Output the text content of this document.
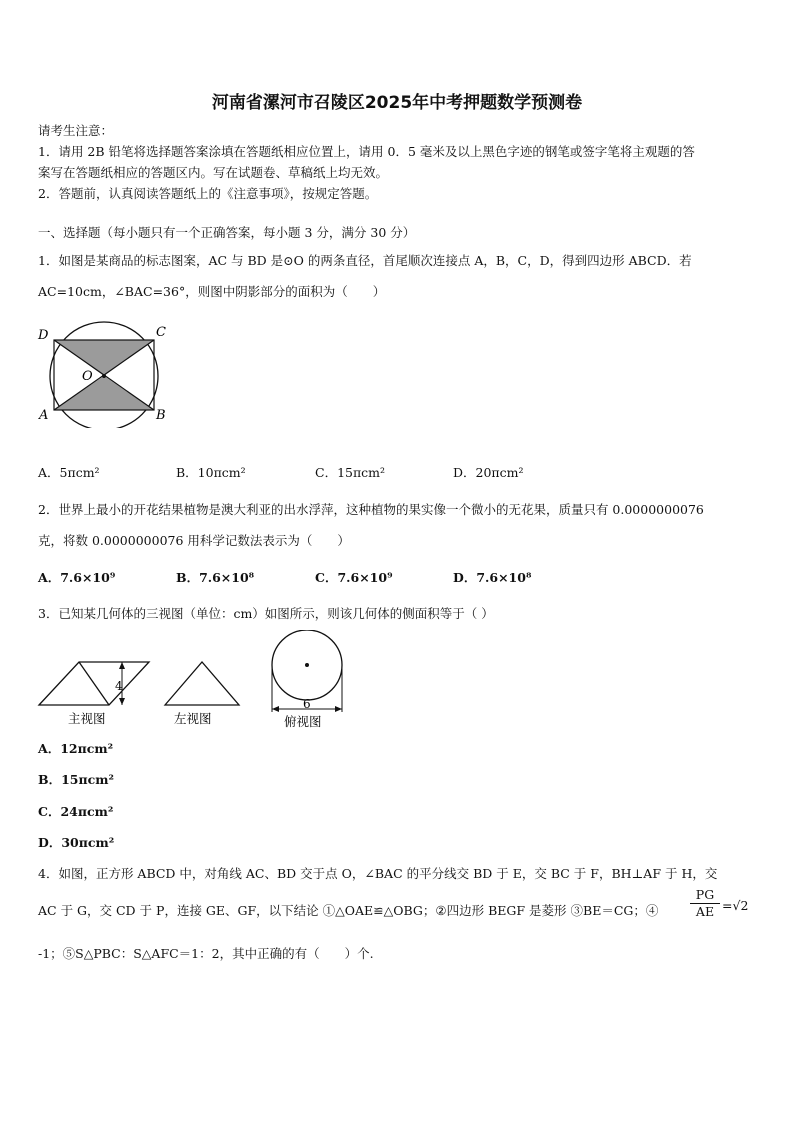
河南省漯河市召陵区2025年中考押题数学预测卷
请考生注意：
1．请用 2B 铅笔将选择题答案涂填在答题纸相应位置上，请用 0．5 毫米及以上黑色字迹的钢笔或签字笔将主观题的答
案写在答题纸相应的答题区内。写在试题卷、草稿纸上均无效。
2．答题前，认真阅读答题纸上的《注意事项》，按规定答题。
一、选择题（每小题只有一个正确答案，每小题 3 分，满分 30 分）
1．如图是某商品的标志图案，AC 与 BD 是⊙O 的两条直径，首尾顺次连接点 A，B，C，D，得到四边形 ABCD．若
AC=10cm，∠BAC=36°，则图中阴影部分的面积为（　　）
D	C
O
A	B
A．5πcm²	B．10πcm²	C．15πcm²	D．20πcm²
2．世界上最小的开花结果植物是澳大利亚的出水浮萍，这种植物的果实像一个微小的无花果，质量只有 0.0000000076
克，将数 0.0000000076 用科学记数法表示为（　　）
A．7.6×10⁹	B．7.6×10⁸	C．7.6×10⁹	D．7.6×10⁸
3．已知某几何体的三视图（单位：cm）如图所示，则该几何体的侧面积等于（ ）
4
主视图	左视图
6
俯视图
A．12πcm²
B．15πcm²
C．24πcm²
D．30πcm²
4．如图，正方形 ABCD 中，对角线 AC、BD 交于点 O，∠BAC 的平分线交 BD 于 E，交 BC 于 F，BH⊥AF 于 H，交
AC 于 G，交 CD 于 P，连接 GE、GF，以下结论 ①△OAE≌△OBG；②四边形 BEGF 是菱形 ③BE＝CG；④	$\frac{PG}{AE} =√2$
-1；⑤S△PBC：S△AFC＝1：2，其中正确的有（　　）个.
